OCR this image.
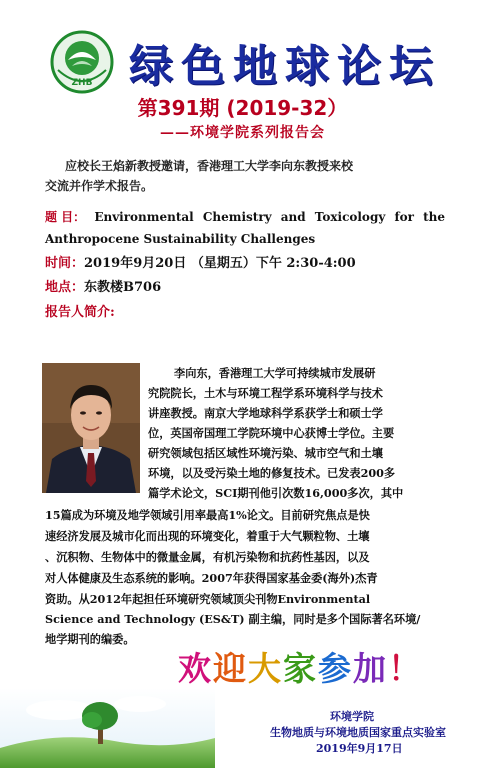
ZHB 绿色地球论坛
第391期 (2019-32）
——环境学院系列报告会
应校长王焰新教授邀请，香港理工大学李向东教授来校
交流并作学术报告。
题 目： Environmental Chemistry and Toxicology for the
Anthropocene Sustainability Challenges
时间：2019年9月20日 （星期五）下午 2:30-4:00
地点：东教楼B706
报告人简介:
李向东，香港理工大学可持续城市发展研
究院院长，土木与环境工程学系环境科学与技术
讲座教授。南京大学地球科学系获学士和硕士学
位，英国帝国理工学院环境中心获博士学位。主要
研究领域包括区域性环境污染、城市空气和土壤
环境，以及受污染土地的修复技术。已发表200多
篇学术论文，SCI期刊他引次数16,000多次，其中
15篇成为环境及地学领域引用率最高1%论文。目前研究焦点是快
速经济发展及城市化而出现的环境变化，着重于大气颗粒物、土壤
、沉积物、生物体中的微量金属，有机污染物和抗药性基因，以及
对人体健康及生态系统的影响。2007年获得国家基金委(海外)杰青
资助。从2012年起担任环境研究领域顶尖刊物Environmental
Science and Technology (ES&T) 副主编，同时是多个国际著名环境/
地学期刊的编委。
欢迎大家参加！
环境学院
生物地质与环境地质国家重点实验室
2019年9月17日
